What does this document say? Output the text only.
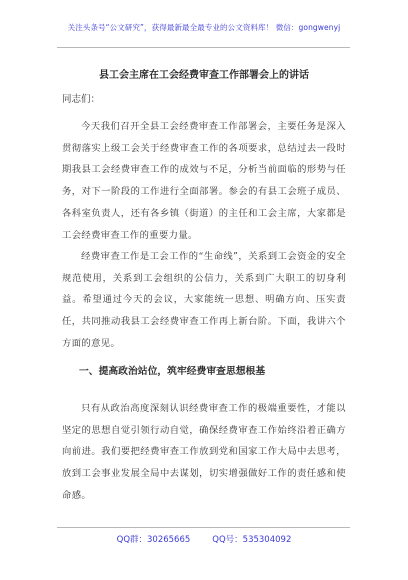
关注头条号“公文研究”，获得最新最全最专业的公文资料库！ 微信：gongwenyj
县工会主席在工会经费审查工作部署会上的讲话
同志们：

今天我们召开全县工会经费审查工作部署会，主要任务是深入贯彻落实上级工会关于经费审查工作的各项要求，总结过去一段时期我县工会经费审查工作的成效与不足，分析当前面临的形势与任务，对下一阶段的工作进行全面部署。参会的有县工会班子成员、各科室负责人，还有各乡镇（街道）的主任和工会主席，大家都是工会经费审查工作的重要力量。

经费审查工作是工会工作的“生命线”，关系到工会资金的安全规范使用，关系到工会组织的公信力，关系到广大职工的切身利益。希望通过今天的会议，大家能统一思想、明确方向、压实责任，共同推动我县工会经费审查工作再上新台阶。下面，我讲六个方面的意见。

一、提高政治站位，筑牢经费审查思想根基

只有从政治高度深刻认识经费审查工作的极端重要性，才能以坚定的思想自觉引领行动自觉，确保经费审查工作始终沿着正确方向前进。我们要把经费审查工作放到党和国家工作大局中去思考，放到工会事业发展全局中去谋划，切实增强做好工作的责任感和使命感。

QQ群：30265665	QQ号：535304092
